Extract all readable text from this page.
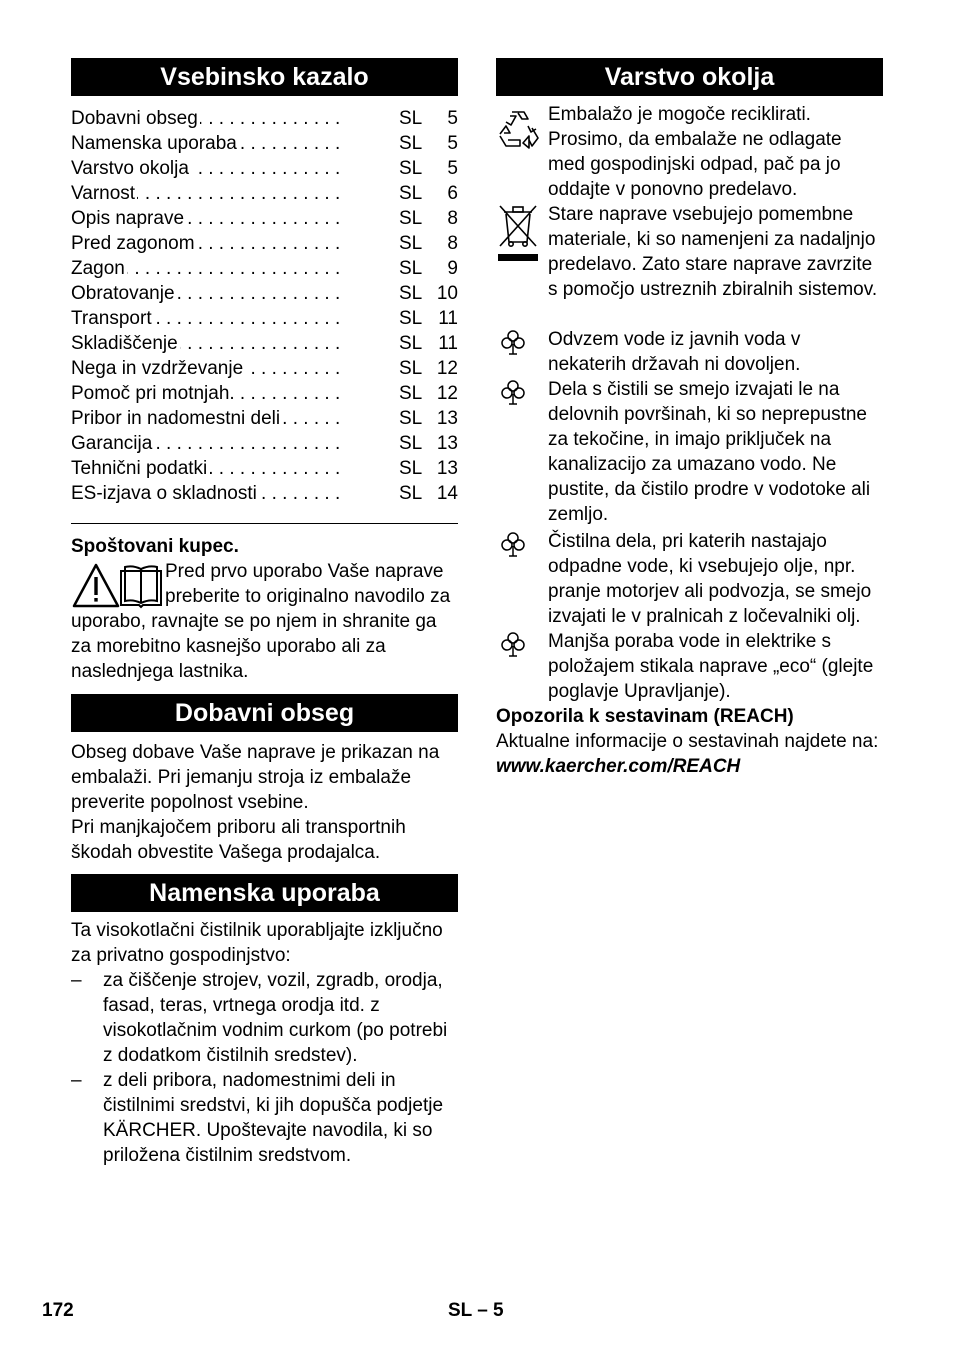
Vsebinsko kazalo
Dobavni obseg . . .	SL 5
Namenska uporaba . . .	SL 5
Varstvo okolja . . .	SL 5
Varnost . . .	SL 6
Opis naprave . . .	SL 8
Pred zagonom . . .	SL 8
Zagon . . .	SL 9
Obratovanje . . .	SL 10
Transport . . .	SL 11
Skladiščenje . . .	SL 11
Nega in vzdrževanje . . .	SL 12
Pomoč pri motnjah . . .	SL 12
Pribor in nadomestni deli . . .	SL 13
Garancija . . .	SL 13
Tehnični podatki . . .	SL 13
ES-izjava o skladnosti . . .	SL 14

Spoštovani kupec.

Pred prvo uporabo Vaše naprave preberite to originalno navodilo za uporabo, ravnajte se po njem in shranite ga za morebitno kasnejšo uporabo ali za naslednjega lastnika.

Dobavni obseg

Obseg dobave Vaše naprave je prikazan na embalaži. Pri jemanju stroja iz embalaže preverite popolnost vsebine.

Pri manjkajočem priboru ali transportnih škodah obvestite Vašega prodajalca.

Namenska uporaba

Ta visokotlačni čistilnik uporabljajte izključno za privatno gospodinjstvo:

– za čiščenje strojev, vozil, zgradb, orodja, fasad, teras, vrtnega orodja itd. z visokotlačnim vodnim curkom (po potrebi z dodatkom čistilnih sredstev).
– z deli pribora, nadomestnimi deli in čistilnimi sredstvi, ki jih dopušča podjetje KÄRCHER. Upoštevajte navodila, ki so priložena čistilnim sredstvom.
Varstvo okolja

Embalažo je mogoče reciklirati. Prosimo, da embalaže ne odlagate med gospodinjski odpad, pač pa jo oddajte v ponovno predelavo.

Stare naprave vsebujejo pomembne materiale, ki so namenjeni za nadaljnjo predelavo. Zato stare naprave zavrzite s pomočjo ustreznih zbiralnih sistemov.

Odvzem vode iz javnih voda v nekaterih državah ni dovoljen.

Dela s čistili se smejo izvajati le na delovnih površinah, ki so neprepustne za tekočine, in imajo priključek na kanalizacijo za umazano vodo. Ne pustite, da čistilo prodre v vodotoke ali zemljo.

Čistilna dela, pri katerih nastajajo odpadne vode, ki vsebujejo olje, npr. pranje motorjev ali podvozja, se smejo izvajati le v pralnicah z ločevalniki olj.

Manjša poraba vode in elektrike s položajem stikala naprave „eco“ (glejte poglavje Upravljanje).

Opozorila k sestavinam (REACH)

Aktualne informacije o sestavinah najdete na:

www.kaercher.com/REACH

172	SL – 5
